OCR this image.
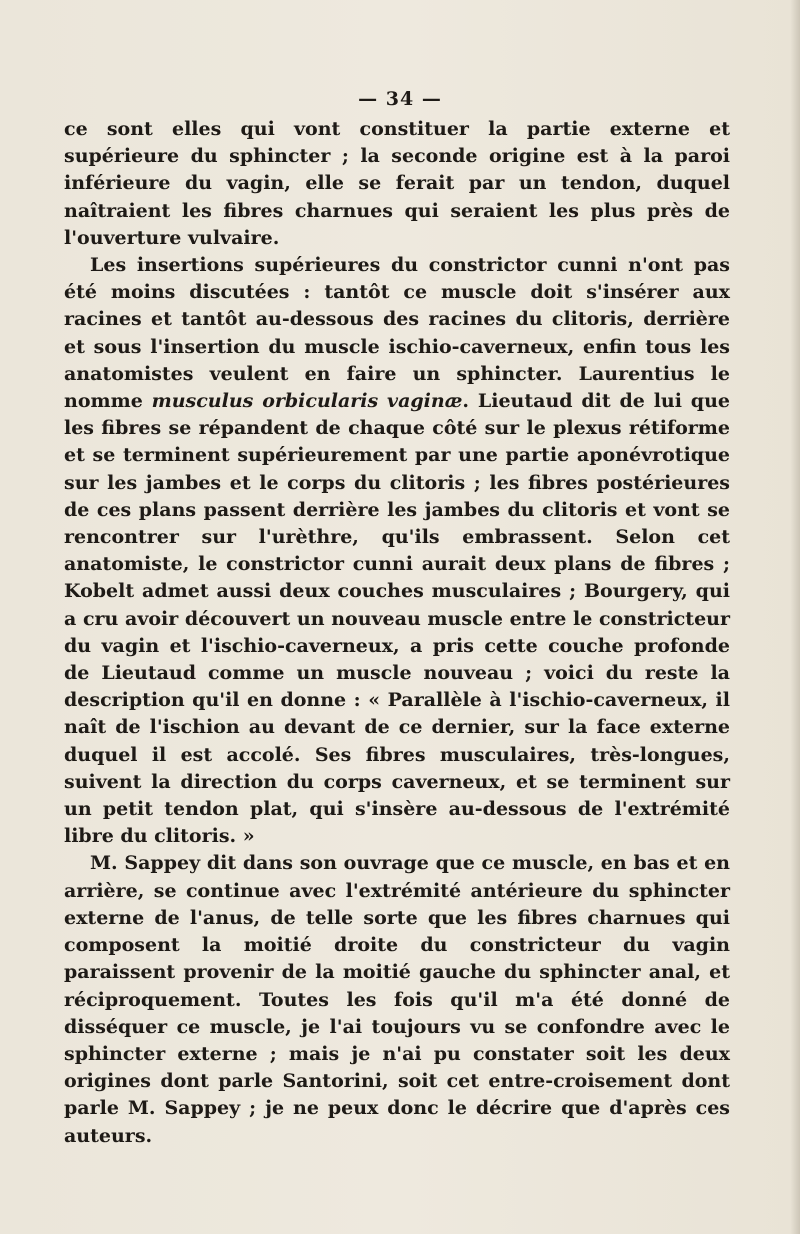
— 34 —

ce sont elles qui vont constituer la partie externe et supérieure du sphincter ; la seconde origine est à la paroi inférieure du vagin, elle se ferait par un tendon, duquel naîtraient les fibres charnues qui seraient les plus près de l'ouverture vulvaire.

Les insertions supérieures du constrictor cunni n'ont pas été moins discutées : tantôt ce muscle doit s'insérer aux racines et tantôt au-dessous des racines du clitoris, derrière et sous l'insertion du muscle ischio-caverneux, enfin tous les anatomistes veulent en faire un sphincter. Laurentius le nomme musculus orbicularis vaginæ. Lieutaud dit de lui que les fibres se répandent de chaque côté sur le plexus rétiforme et se terminent supérieurement par une partie aponévrotique sur les jambes et le corps du clitoris ; les fibres postérieures de ces plans passent derrière les jambes du clitoris et vont se rencontrer sur l'urèthre, qu'ils embrassent. Selon cet anatomiste, le constrictor cunni aurait deux plans de fibres ; Kobelt admet aussi deux couches musculaires ; Bourgery, qui a cru avoir découvert un nouveau muscle entre le constricteur du vagin et l'ischio-caverneux, a pris cette couche profonde de Lieutaud comme un muscle nouveau ; voici du reste la description qu'il en donne : « Parallèle à l'ischio-caverneux, il naît de l'ischion au devant de ce dernier, sur la face externe duquel il est accolé. Ses fibres musculaires, très-longues, suivent la direction du corps caverneux, et se terminent sur un petit tendon plat, qui s'insère au-dessous de l'extrémité libre du clitoris. »

M. Sappey dit dans son ouvrage que ce muscle, en bas et en arrière, se continue avec l'extrémité antérieure du sphincter externe de l'anus, de telle sorte que les fibres charnues qui composent la moitié droite du constricteur du vagin paraissent provenir de la moitié gauche du sphincter anal, et réciproquement. Toutes les fois qu'il m'a été donné de disséquer ce muscle, je l'ai toujours vu se confondre avec le sphincter externe ; mais je n'ai pu constater soit les deux origines dont parle Santorini, soit cet entre-croisement dont parle M. Sappey ; je ne peux donc le décrire que d'après ces auteurs.
